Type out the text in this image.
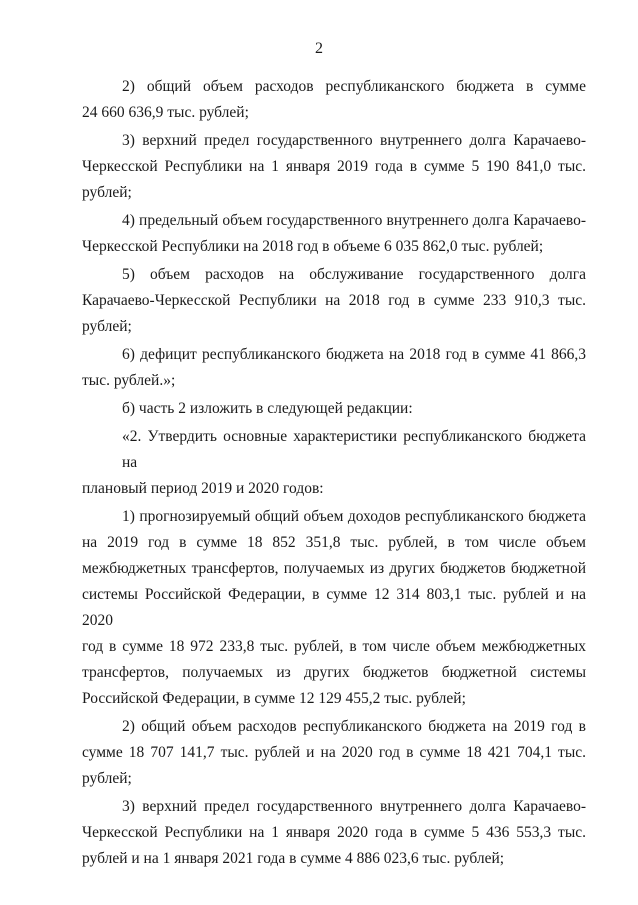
2
2) общий объем расходов республиканского бюджета в сумме
24 660 636,9 тыс. рублей;
3) верхний предел государственного внутреннего долга Карачаево-
Черкесской Республики на 1 января 2019 года в сумме 5 190 841,0 тыс.
рублей;
4) предельный объем государственного внутреннего долга Карачаево-
Черкесской Республики на 2018 год в объеме 6 035 862,0 тыс. рублей;
5) объем расходов на обслуживание государственного долга
Карачаево-Черкесской Республики на 2018 год в сумме 233 910,3 тыс.
рублей;
6) дефицит республиканского бюджета на 2018 год в сумме 41 866,3
тыс. рублей.»;
б) часть 2 изложить в следующей редакции:
«2. Утвердить основные характеристики республиканского бюджета на
плановый период 2019 и 2020 годов:
1) прогнозируемый общий объем доходов республиканского бюджета
на 2019 год в сумме 18 852 351,8 тыс. рублей, в том числе объем
межбюджетных трансфертов, получаемых из других бюджетов бюджетной
системы Российской Федерации, в сумме 12 314 803,1 тыс. рублей и на 2020
год в сумме 18 972 233,8 тыс. рублей, в том числе объем межбюджетных
трансфертов, получаемых из других бюджетов бюджетной системы
Российской Федерации, в сумме 12 129 455,2 тыс. рублей;
2) общий объем расходов республиканского бюджета на 2019 год в
сумме 18 707 141,7 тыс. рублей и на 2020 год в сумме 18 421 704,1 тыс.
рублей;
3) верхний предел государственного внутреннего долга Карачаево-
Черкесской Республики на 1 января 2020 года в сумме 5 436 553,3 тыс.
рублей и на 1 января 2021 года в сумме 4 886 023,6 тыс. рублей;
